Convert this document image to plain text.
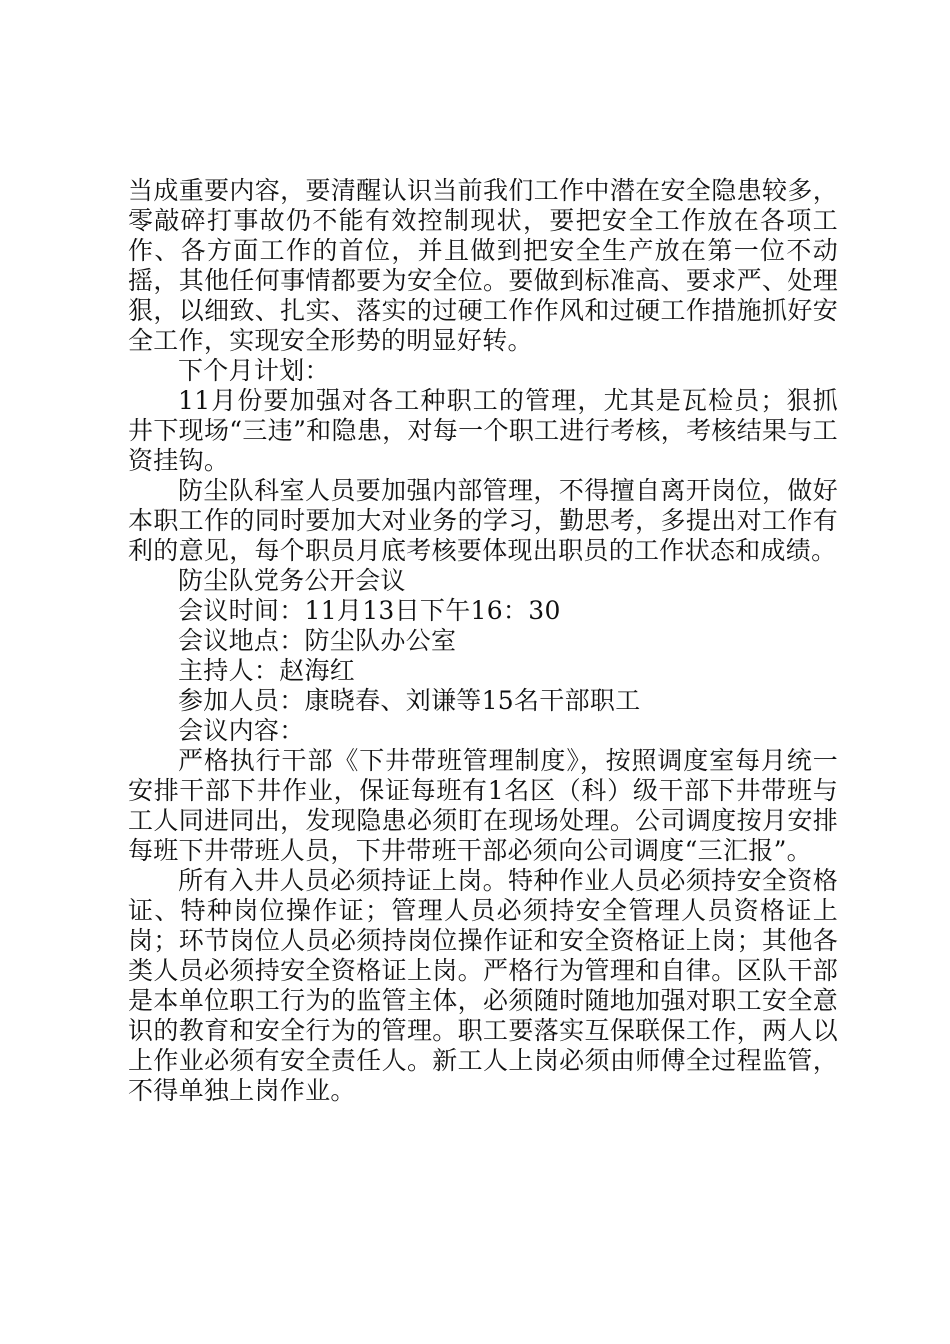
当成重要内容，要清醒认识当前我们工作中潜在安全隐患较多，零敲碎打事故仍不能有效控制现状，要把安全工作放在各项工作、各方面工作的首位，并且做到把安全生产放在第一位不动摇，其他任何事情都要为安全位。要做到标准高、要求严、处理狠，以细致、扎实、落实的过硬工作作风和过硬工作措施抓好安全工作，实现安全形势的明显好转。

下个月计划：

11月份要加强对各工种职工的管理，尤其是瓦检员；狠抓井下现场“三违”和隐患，对每一个职工进行考核，考核结果与工资挂钩。

防尘队科室人员要加强内部管理，不得擅自离开岗位，做好本职工作的同时要加大对业务的学习，勤思考，多提出对工作有利的意见，每个职员月底考核要体现出职员的工作状态和成绩。

防尘队党务公开会议

会议时间：11月13日下午16：30

会议地点：防尘队办公室

主持人：赵海红

参加人员：康晓春、刘谦等15名干部职工

会议内容：

严格执行干部《下井带班管理制度》，按照调度室每月统一安排干部下井作业，保证每班有1名区（科）级干部下井带班与工人同进同出，发现隐患必须盯在现场处理。公司调度按月安排每班下井带班人员，下井带班干部必须向公司调度“三汇报”。

所有入井人员必须持证上岗。特种作业人员必须持安全资格证、特种岗位操作证；管理人员必须持安全管理人员资格证上岗；环节岗位人员必须持岗位操作证和安全资格证上岗；其他各类人员必须持安全资格证上岗。严格行为管理和自律。区队干部是本单位职工行为的监管主体，必须随时随地加强对职工安全意识的教育和安全行为的管理。职工要落实互保联保工作，两人以上作业必须有安全责任人。新工人上岗必须由师傅全过程监管，不得单独上岗作业。
